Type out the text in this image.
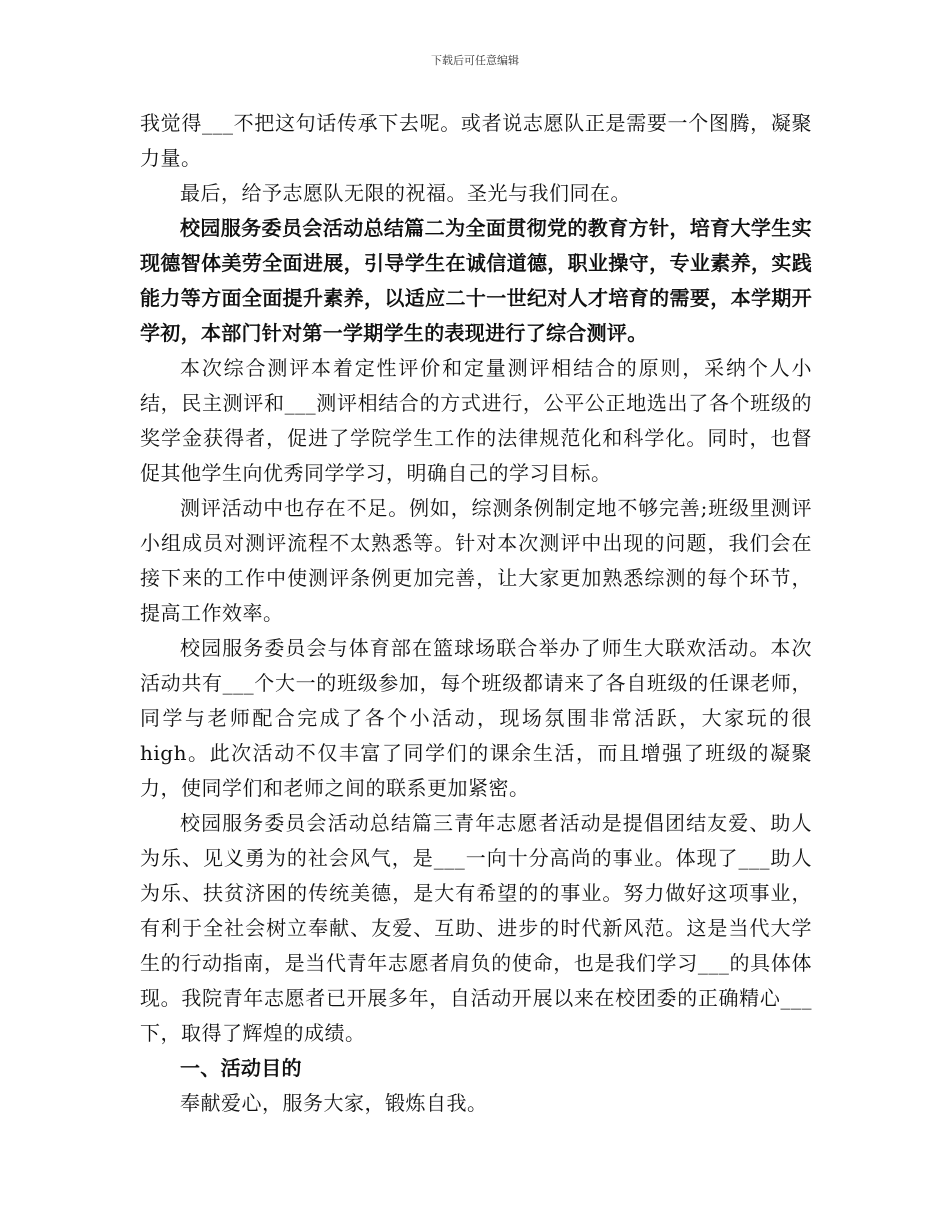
下载后可任意编辑

我觉得___不把这句话传承下去呢。或者说志愿队正是需要一个图腾，凝聚力量。

最后，给予志愿队无限的祝福。圣光与我们同在。

校园服务委员会活动总结篇二为全面贯彻党的教育方针，培育大学生实现德智体美劳全面进展，引导学生在诚信道德，职业操守，专业素养，实践能力等方面全面提升素养，以适应二十一世纪对人才培育的需要，本学期开学初，本部门针对第一学期学生的表现进行了综合测评。

本次综合测评本着定性评价和定量测评相结合的原则，采纳个人小结，民主测评和___测评相结合的方式进行，公平公正地选出了各个班级的奖学金获得者，促进了学院学生工作的法律规范化和科学化。同时，也督促其他学生向优秀同学学习，明确自己的学习目标。

测评活动中也存在不足。例如，综测条例制定地不够完善;班级里测评小组成员对测评流程不太熟悉等。针对本次测评中出现的问题，我们会在接下来的工作中使测评条例更加完善，让大家更加熟悉综测的每个环节，提高工作效率。

校园服务委员会与体育部在篮球场联合举办了师生大联欢活动。本次活动共有___个大一的班级参加，每个班级都请来了各自班级的任课老师，同学与老师配合完成了各个小活动，现场氛围非常活跃，大家玩的很high。此次活动不仅丰富了同学们的课余生活，而且增强了班级的凝聚力，使同学们和老师之间的联系更加紧密。

校园服务委员会活动总结篇三青年志愿者活动是提倡团结友爱、助人为乐、见义勇为的社会风气，是___一向十分高尚的事业。体现了___助人为乐、扶贫济困的传统美德，是大有希望的的事业。努力做好这项事业，有利于全社会树立奉献、友爱、互助、进步的时代新风范。这是当代大学生的行动指南，是当代青年志愿者肩负的使命，也是我们学习___的具体体现。我院青年志愿者已开展多年，自活动开展以来在校团委的正确精心___下，取得了辉煌的成绩。

一、活动目的

奉献爱心，服务大家，锻炼自我。
